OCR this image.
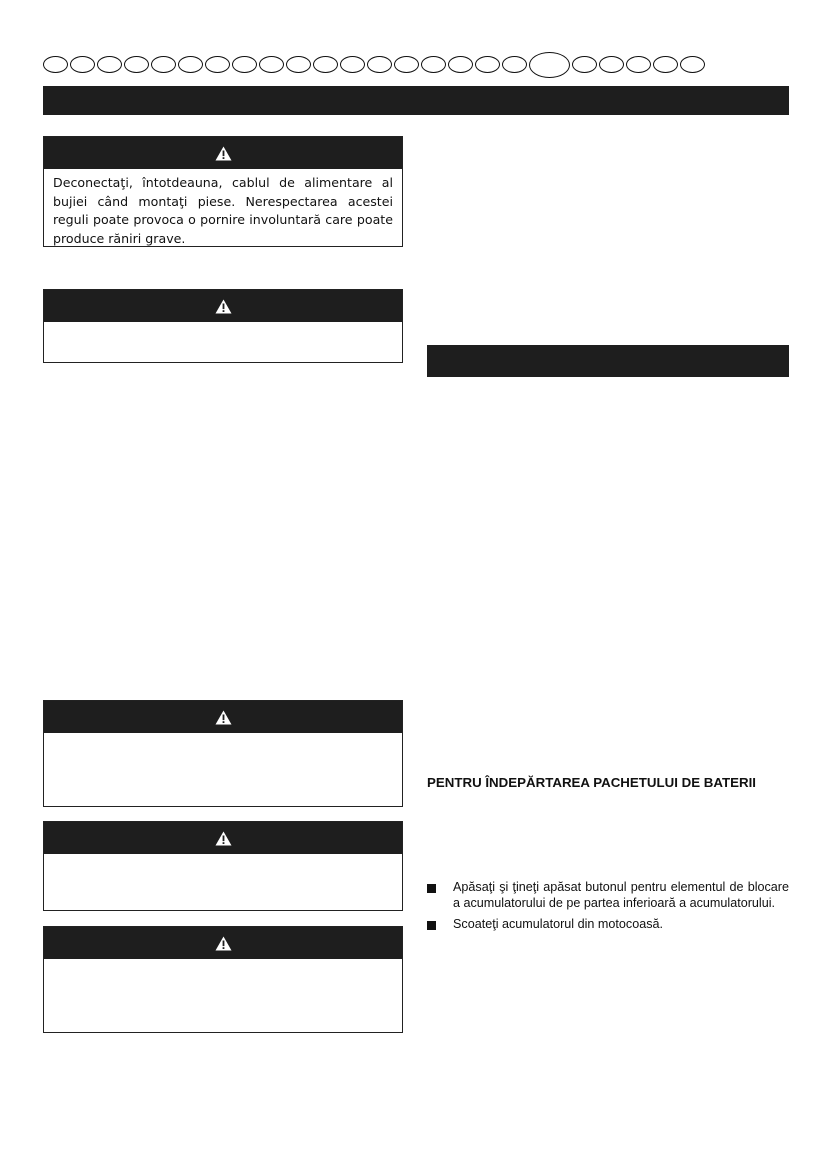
Deconectaţi, întotdeauna, cablul de alimentare al bujiei când montaţi piese. Nerespectarea acestei reguli poate provoca o pornire involuntară care poate produce răniri grave.
PENTRU ÎNDEPĂRTAREA PACHETULUI DE BATERII
Apăsaţi şi ţineţi apăsat butonul pentru elementul de blocare a acumulatorului de pe partea inferioară a acumulatorului.
Scoateţi acumulatorul din motocoasă.
